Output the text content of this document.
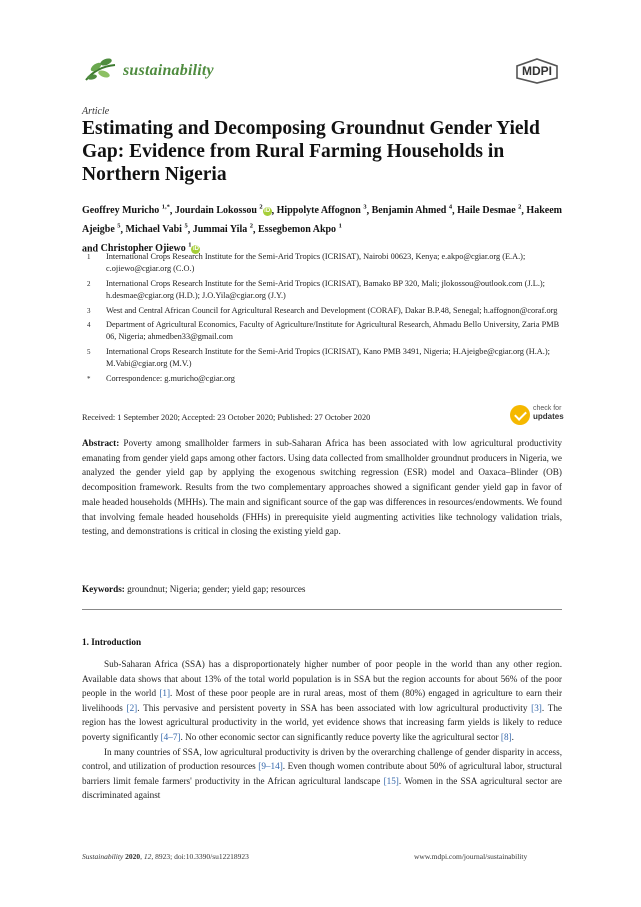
sustainability	MDPI
Article
Estimating and Decomposing Groundnut Gender Yield Gap: Evidence from Rural Farming Households in Northern Nigeria
Geoffrey Muricho $^{1,*}$, Jourdain Lokossou $^2$iD , Hippolyte Affognon $^3$, Benjamin Ahmed $^4$, Haile Desmae $^2$, Hakeem Ajeigbe $^5$, Michael Vabi $^5$, Jummai Yila $^2$, Essegbemon Akpo $^1$
and Christopher Ojiewo $^1$iD
1 International Crops Research Institute for the Semi-Arid Tropics (ICRISAT), Nairobi 00623, Kenya; e.akpo@cgiar.org (E.A.); c.ojiewo@cgiar.org (C.O.)
2 International Crops Research Institute for the Semi-Arid Tropics (ICRISAT), Bamako BP 320, Mali; jlokossou@outlook.com (J.L.); h.desmae@cgiar.org (H.D.); J.O.Yila@cgiar.org (J.Y.)
3 West and Central African Council for Agricultural Research and Development (CORAF), Dakar B.P.48, Senegal; h.affognon@coraf.org
4 Department of Agricultural Economics, Faculty of Agriculture/Institute for Agricultural Research, Ahmadu Bello University, Zaria PMB 06, Nigeria; ahmedben33@gmail.com
5 International Crops Research Institute for the Semi-Arid Tropics (ICRISAT), Kano PMB 3491, Nigeria; H.Ajeigbe@cgiar.org (H.A.); M.Vabi@cgiar.org (M.V.)
* Correspondence: g.muricho@cgiar.org
Received: 1 September 2020; Accepted: 23 October 2020; Published: 27 October 2020
check for
updates
Abstract: Poverty among smallholder farmers in sub-Saharan Africa has been associated with low agricultural productivity emanating from gender yield gaps among other factors. Using data collected from smallholder groundnut producers in Nigeria, we analyzed the gender yield gap by applying the exogenous switching regression (ESR) model and Oaxaca–Blinder (OB) decomposition framework. Results from the two complementary approaches showed a significant gender yield gap in favor of male headed households (MHHs). The main and significant source of the gap was differences in resources/endowments. We found that involving female headed households (FHHs) in prerequisite yield augmenting activities like technology validation trials, testing, and demonstrations is critical in closing the existing yield gap.
Keywords: groundnut; Nigeria; gender; yield gap; resources
1. Introduction

Sub-Saharan Africa (SSA) has a disproportionately higher number of poor people in the world than any other region. Available data shows that about 13% of the total world population is in SSA but the region accounts for about 56% of the poor people in the world [1]. Most of these poor people are in rural areas, most of them (80%) engaged in agriculture to earn their livelihoods [2]. This pervasive and persistent poverty in SSA has been associated with low agricultural productivity [3]. The region has the lowest agricultural productivity in the world, yet evidence shows that increasing farm yields is likely to reduce poverty significantly [4–7]. No other economic sector can significantly reduce poverty like the agricultural sector [8].

In many countries of SSA, low agricultural productivity is driven by the overarching challenge of gender disparity in access, control, and utilization of production resources [9–14]. Even though women contribute about 50% of agricultural labor, structural barriers limit female farmers' productivity in the African agricultural landscape [15]. Women in the SSA agricultural sector are discriminated against

Sustainability 2020, 12, 8923; doi:10.3390/su12218923	www.mdpi.com/journal/sustainability
